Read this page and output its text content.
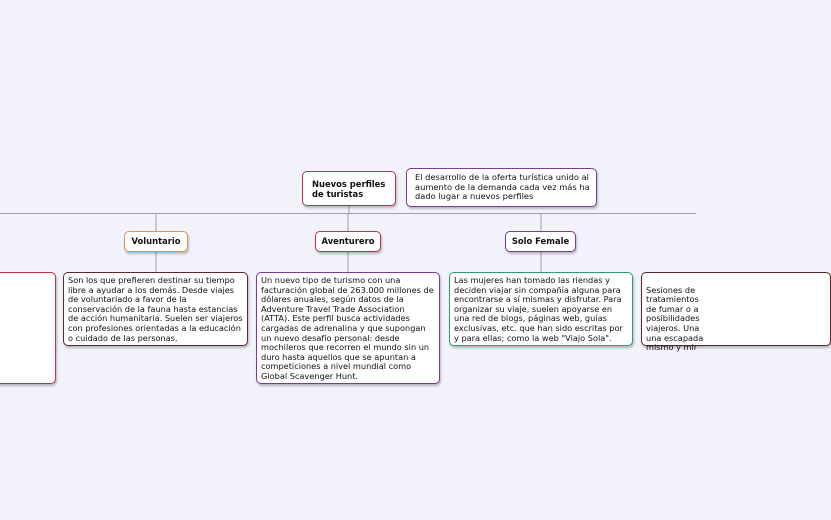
Nuevos perfiles de turistas
El desarrollo de la oferta turística unido al aumento de la demanda cada vez más ha dado lugar a nuevos perfiles
Voluntario
Son los que prefieren destinar su tiempo libre a ayudar a los demás. Desde viajes de voluntariado a favor de la conservación de la fauna hasta estancias de acción humanitaria. Suelen ser viajeros con profesiones orientadas a la educación o cuidado de las personas.
Aventurero
Un nuevo tipo de turismo con una facturación global de 263.000 millones de dólares anuales, según datos de la Adventure Travel Trade Association (ATTA). Este perfil busca actividades cargadas de adrenalina y que supongan un nuevo desafío personal: desde mochileros que recorren el mundo sin un duro hasta aquellos que se apuntan a competiciones a nivel mundial como Global Scavenger Hunt.
Solo Female
Las mujeres han tomado las riendas y deciden viajar sin compañía alguna para encontrarse a sí mismas y disfrutar. Para organizar su viaje, suelen apoyarse en una red de blogs, páginas web, guías exclusivas, etc. que han sido escritas por y para ellas; como la web "Viajo Sola".

Sesiones de
tratamientos
de fumar o a
posibilidades
viajeros. Una
una escapada
mismo y mir
